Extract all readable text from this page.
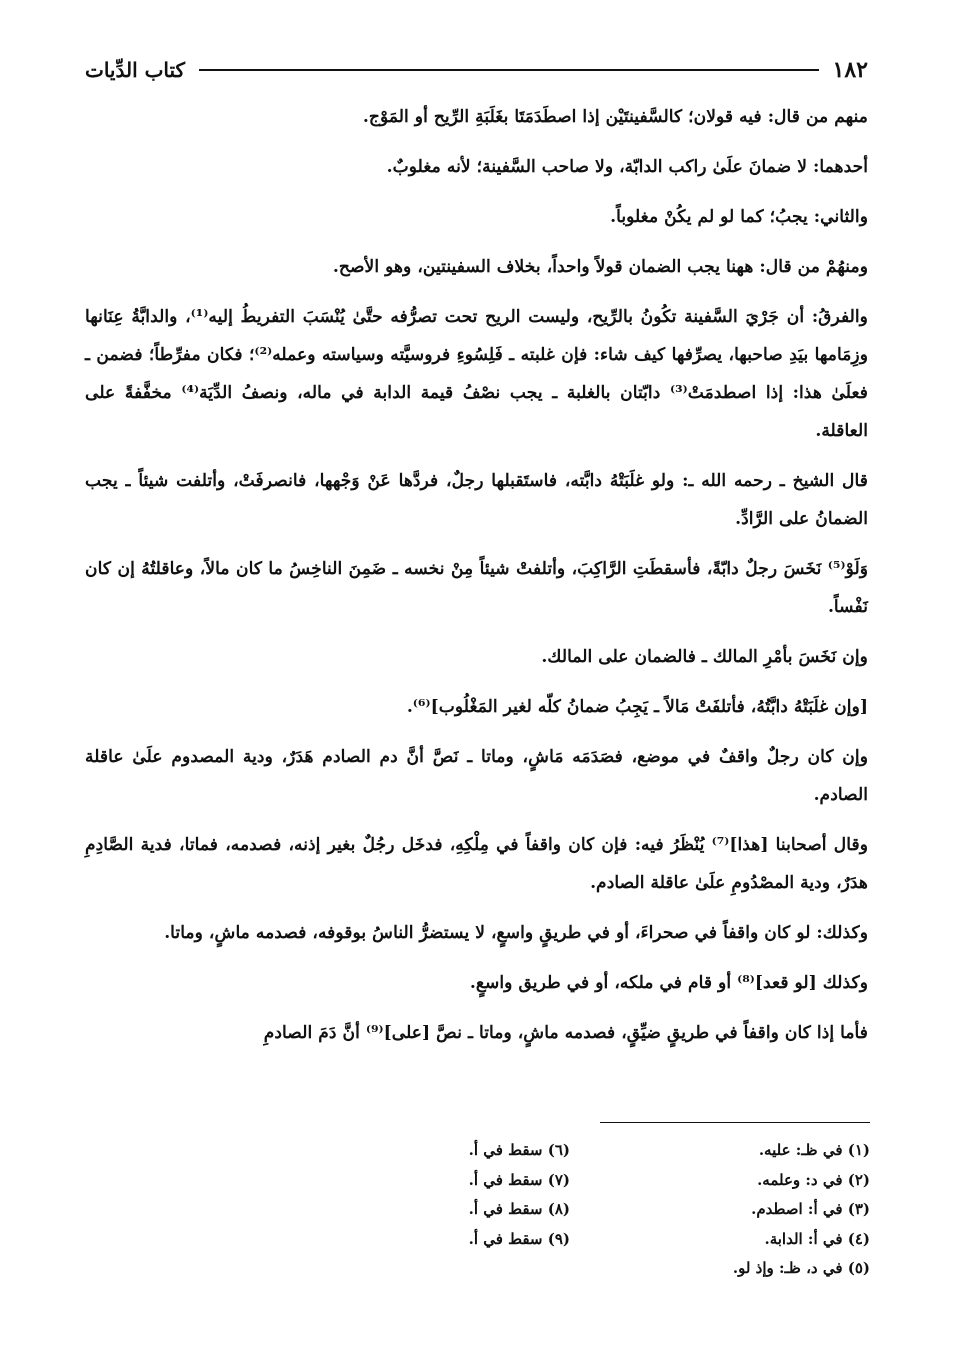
١٨٢
كتاب الدِّيات

منهم من قال: فيه قولان؛ كالسَّفينتَيْن إذا اصطَدَمَتَا بغَلَبَةِ الرِّيح أو المَوْج.

أحدهما: لا ضمانَ علَىٰ راكب الدابّة، ولا صاحب السَّفينة؛ لأنه مغلوبٌ.

والثاني: يجبُ؛ كما لو لم يكُنْ مغلوباً.

ومنهُمْ من قال: ههنا يجب الضمان قولاً واحداً، بخلاف السفينتين، وهو الأصح.

والفرقُ: أن جَرْيَ السَّفينة تكُونُ بالرِّيح، وليست الريح تحت تصرُّفه حتَّىٰ يُنْسَبَ التفريطُ إليه⁽¹⁾، والدابَّةُ عِنَانها وزِمَامها بيَدِ صاحبها، يصرِّفها كيف شاء: فإن غلبته ـ فَلِسُوءِ فروسيَّته وسياسته وعمله⁽²⁾؛ فكان مفرِّطاً؛ فضمن ـ فعلَىٰ هذا: إذا اصطدمَتْ⁽³⁾ دابّتان بالغلبة ـ يجب نصْفُ قيمة الدابة في ماله، ونصفُ الدِّيَة⁽⁴⁾ مخفَّفةً على العاقلة.

قال الشيخ ـ رحمه الله ـ: ولو غلَبَتْهُ دابَّته، فاستَقبلها رجلٌ، فردَّها عَنْ وَجْهها، فانصرفَتْ، وأتلفت شيئاً ـ يجب الضمانُ على الرَّادِّ.

وَلَوْ⁽⁵⁾ نَخَسَ رجلٌ دابّةً، فأسقطَتِ الرَّاكِبَ، وأتلفتْ شيئاً مِنْ نخسه ـ ضَمِنَ الناخِسُ ما كان مالاً، وعاقلتُهُ إن كان نَفْساً.

وإن نَخَسَ بأمْرِ المالك ـ فالضمان على المالك.

[وإن غلَبَتْهُ دابَّتُهُ، فأتلفَتْ مَالاً ـ يَجِبُ ضمانُ كلّه لغير المَغْلُوب]⁽⁶⁾.

وإن كان رجلٌ واقفٌ في موضع، فصَدَمَه مَاشٍ، وماتا ـ نَصَّ أنَّ دم الصادم هَدَرٌ، ودية المصدوم علَىٰ عاقلة الصادم.

وقال أصحابنا [هذا]⁽⁷⁾ يُنْظَرُ فيه: فإن كان واقفاً في مِلْكِهِ، فدخَل رجُلٌ بغير إذنه، فصدمه، فماتا، فدية الصَّادِمِ هدَرٌ، ودية المصْدُومِ علَىٰ عاقلة الصادم.

وكذلك: لو كان واقفاً في صحراءَ، أو في طريقٍ واسعٍ، لا يستضرُّ الناسُ بوقوفه، فصدمه ماشٍ، وماتا.

وكذلك [لو قعد]⁽⁸⁾ أو قام في ملكه، أو في طريق واسعٍ.

فأما إذا كان واقفاً في طريقٍ ضيِّقٍ، فصدمه ماشٍ، وماتا ـ نصَّ [على]⁽⁹⁾ أنَّ دَمَ الصادمِ

(١) في ظـ: عليه.
(٢) في د: وعلمه.
(٣) في أ: اصطدم.
(٤) في أ: الدابة.
(٥) في د، ظـ: وإذ لو.
(٦) سقط في أ.
(٧) سقط في أ.
(٨) سقط في أ.
(٩) سقط في أ.
